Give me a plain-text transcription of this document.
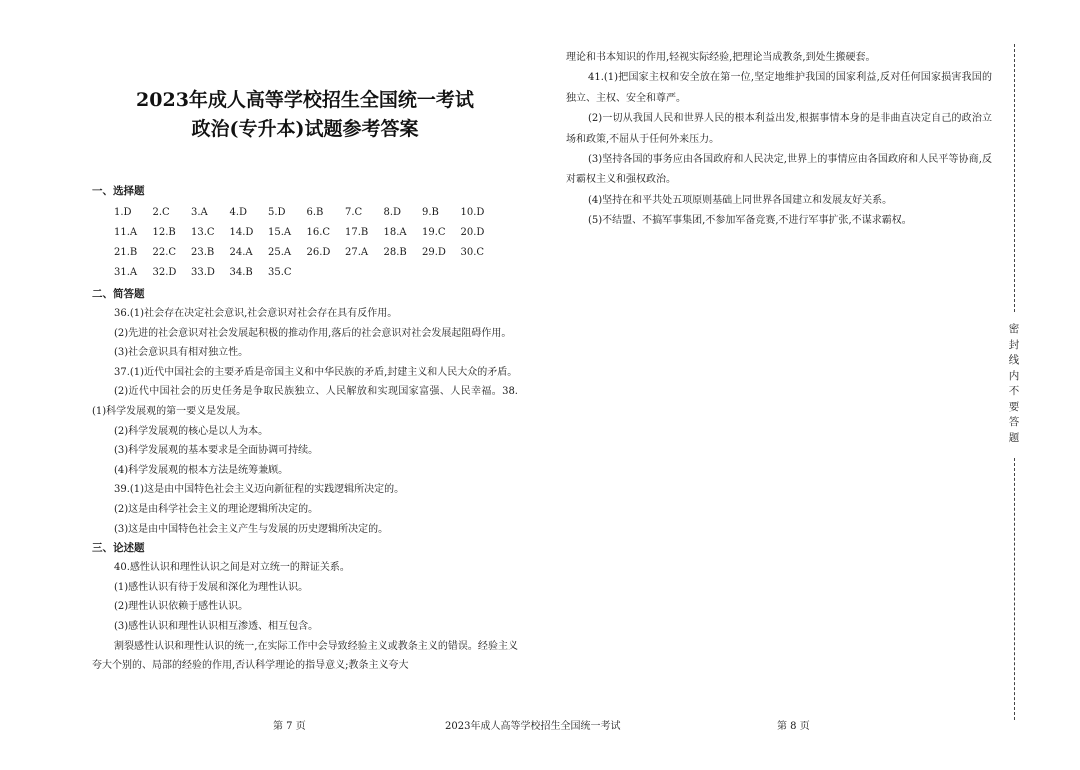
2023年成人高等学校招生全国统一考试
政治(专升本)试题参考答案
一、选择题
1.D	2.C	3.A	4.D	5.D	6.B	7.C	8.D	9.B	10.D
11.A	12.B	13.C	14.D	15.A	16.C	17.B	18.A	19.C	20.D
21.B	22.C	23.B	24.A	25.A	26.D	27.A	28.B	29.D	30.C
31.A	32.D	33.D	34.B	35.C
二、简答题

36.(1)社会存在决定社会意识,社会意识对社会存在具有反作用。

(2)先进的社会意识对社会发展起积极的推动作用,落后的社会意识对社会发展起阻碍作用。

(3)社会意识具有相对独立性。

37.(1)近代中国社会的主要矛盾是帝国主义和中华民族的矛盾,封建主义和人民大众的矛盾。

(2)近代中国社会的历史任务是争取民族独立、人民解放和实现国家富强、人民幸福。38.(1)科学发展观的第一要义是发展。

(2)科学发展观的核心是以人为本。

(3)科学发展观的基本要求是全面协调可持续。

(4)科学发展观的根本方法是统筹兼顾。

39.(1)这是由中国特色社会主义迈向新征程的实践逻辑所决定的。

(2)这是由科学社会主义的理论逻辑所决定的。

(3)这是由中国特色社会主义产生与发展的历史逻辑所决定的。

三、论述题

40.感性认识和理性认识之间是对立统一的辩证关系。

(1)感性认识有待于发展和深化为理性认识。

(2)理性认识依赖于感性认识。

(3)感性认识和理性认识相互渗透、相互包含。

割裂感性认识和理性认识的统一,在实际工作中会导致经验主义或教条主义的错误。经验主义夸大个别的、局部的经验的作用,否认科学理论的指导意义;教条主义夸大

理论和书本知识的作用,轻视实际经验,把理论当成教条,到处生搬硬套。

41.(1)把国家主权和安全放在第一位,坚定地维护我国的国家利益,反对任何国家损害我国的独立、主权、安全和尊严。

(2)一切从我国人民和世界人民的根本利益出发,根据事情本身的是非曲直决定自己的政治立场和政策,不屈从于任何外来压力。

(3)坚持各国的事务应由各国政府和人民决定,世界上的事情应由各国政府和人民平等协商,反对霸权主义和强权政治。

(4)坚持在和平共处五项原则基础上同世界各国建立和发展友好关系。

(5)不结盟、不搞军事集团,不参加军备竞赛,不进行军事扩张,不谋求霸权。

第 7 页	2023年成人高等学校招生全国统一考试	第 8 页
密
封
线
内
不
要
答
题
